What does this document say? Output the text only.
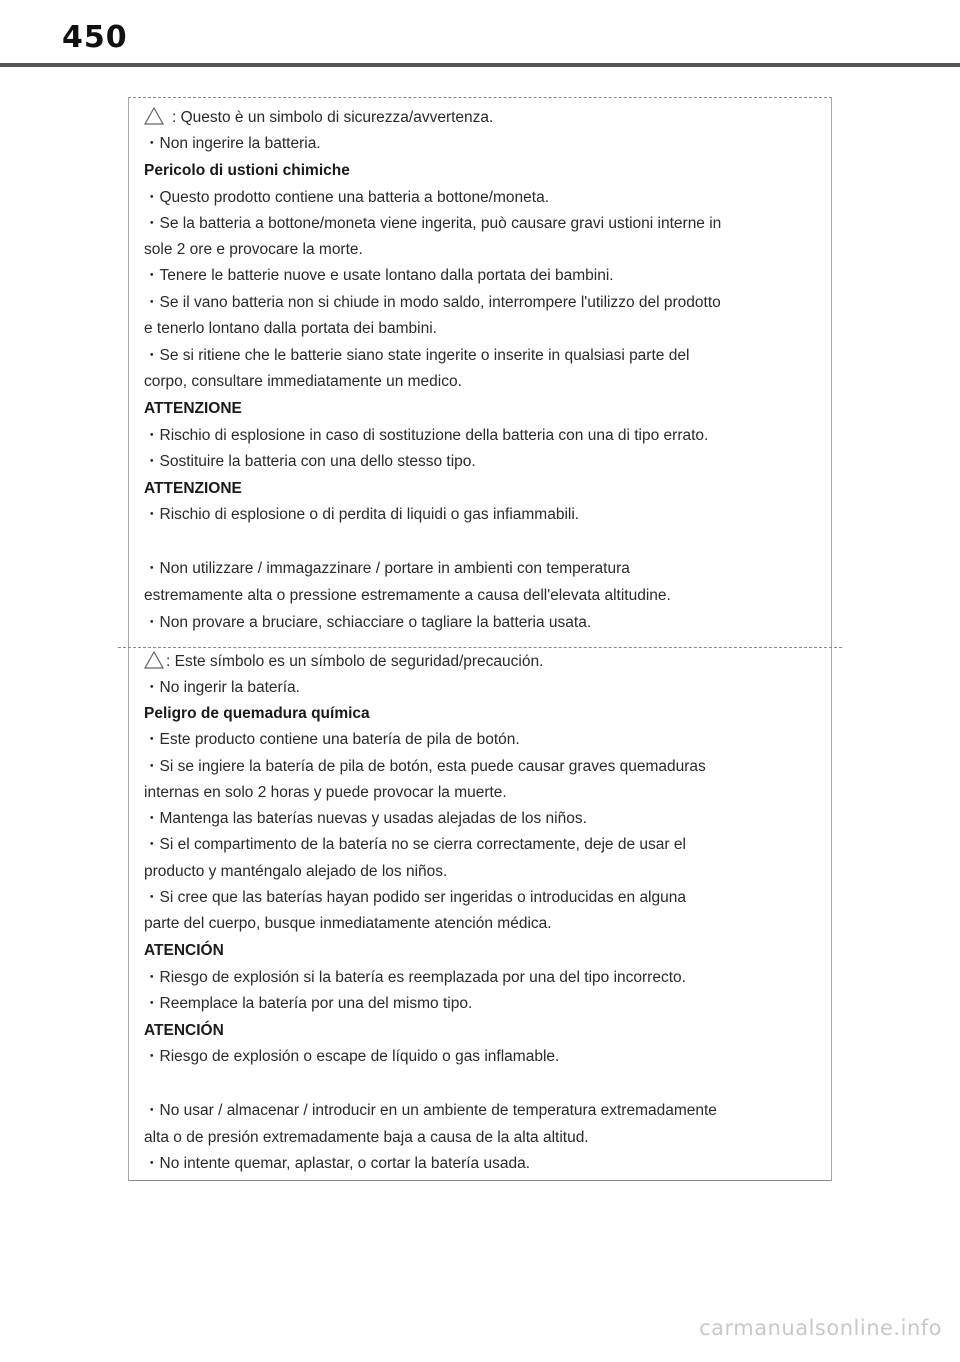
450
: Questo è un simbolo di sicurezza/avvertenza.
: Este símbolo es un símbolo de seguridad/precaución.
・Non ingerire la batteria.
Pericolo di ustioni chimiche
・Questo prodotto contiene una batteria a bottone/moneta.
・Se la batteria a bottone/moneta viene ingerita, può causare gravi ustioni interne in
sole 2 ore e provocare la morte.
・Tenere le batterie nuove e usate lontano dalla portata dei bambini.
・Se il vano batteria non si chiude in modo saldo, interrompere l'utilizzo del prodotto
e tenerlo lontano dalla portata dei bambini.
・Se si ritiene che le batterie siano state ingerite o inserite in qualsiasi parte del
corpo, consultare immediatamente un medico.
ATTENZIONE
・Rischio di esplosione in caso di sostituzione della batteria con una di tipo errato.
・Sostituire la batteria con una dello stesso tipo.
ATTENZIONE
・Rischio di esplosione o di perdita di liquidi o gas infiammabili.
・Non utilizzare / immagazzinare / portare in ambienti con temperatura
estremamente alta o pressione estremamente a causa dell'elevata altitudine.
・Non provare a bruciare, schiacciare o tagliare la batteria usata.
・No ingerir la batería.
Peligro de quemadura química
・Este producto contiene una batería de pila de botón.
・Si se ingiere la batería de pila de botón, esta puede causar graves quemaduras
internas en solo 2 horas y puede provocar la muerte.
・Mantenga las baterías nuevas y usadas alejadas de los niños.
・Si el compartimento de la batería no se cierra correctamente, deje de usar el
producto y manténgalo alejado de los niños.
・Si cree que las baterías hayan podido ser ingeridas o introducidas en alguna
parte del cuerpo, busque inmediatamente atención médica.
ATENCIÓN
・Riesgo de explosión si la batería es reemplazada por una del tipo incorrecto.
・Reemplace la batería por una del mismo tipo.
ATENCIÓN
・Riesgo de explosión o escape de líquido o gas inflamable.
・No usar / almacenar / introducir en un ambiente de temperatura extremadamente
alta o de presión extremadamente baja a causa de la alta altitud.
・No intente quemar, aplastar, o cortar la batería usada.
carmanualsonline.info
